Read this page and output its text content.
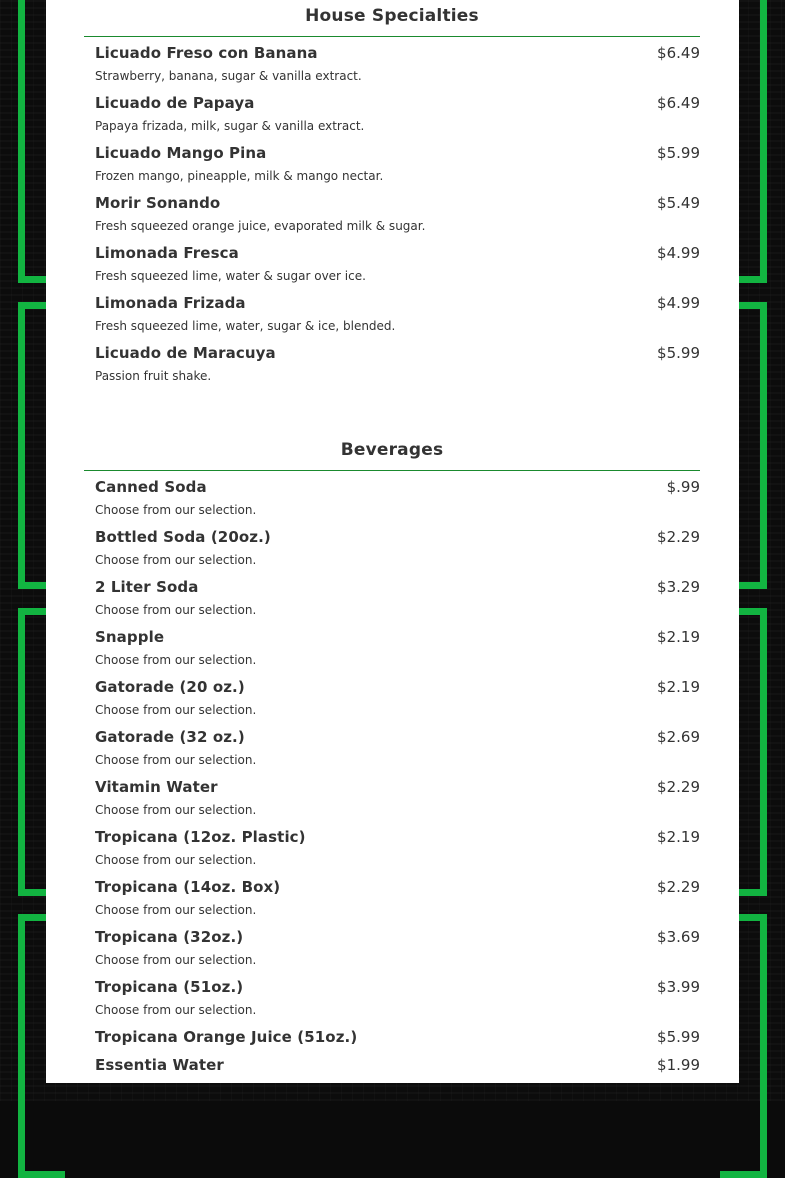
House Specialties
Licuado Freso con Banana	$6.49
Strawberry, banana, sugar & vanilla extract.
Licuado de Papaya	$6.49
Papaya frizada, milk, sugar & vanilla extract.
Licuado Mango Pina	$5.99
Frozen mango, pineapple, milk & mango nectar.
Morir Sonando	$5.49
Fresh squeezed orange juice, evaporated milk & sugar.
Limonada Fresca	$4.99
Fresh squeezed lime, water & sugar over ice.
Limonada Frizada	$4.99
Fresh squeezed lime, water, sugar & ice, blended.
Licuado de Maracuya	$5.99
Passion fruit shake.
Beverages
Canned Soda	$.99
Choose from our selection.
Bottled Soda (20oz.)	$2.29
Choose from our selection.
2 Liter Soda	$3.29
Choose from our selection.
Snapple	$2.19
Choose from our selection.
Gatorade (20 oz.)	$2.19
Choose from our selection.
Gatorade (32 oz.)	$2.69
Choose from our selection.
Vitamin Water	$2.29
Choose from our selection.
Tropicana (12oz. Plastic)	$2.19
Choose from our selection.
Tropicana (14oz. Box)	$2.29
Choose from our selection.
Tropicana (32oz.)	$3.69
Choose from our selection.
Tropicana (51oz.)	$3.99
Choose from our selection.
Tropicana Orange Juice (51oz.)	$5.99
Essentia Water	$1.99
